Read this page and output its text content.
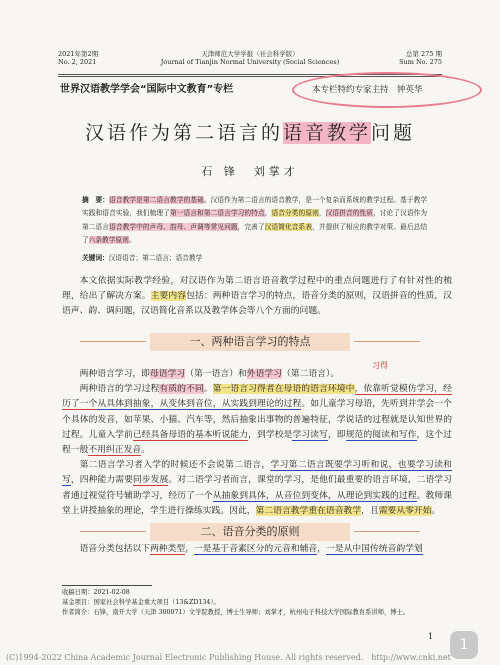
2021年第2期
No. 2, 2021
天津师范大学学报（社会科学版）
Journal of Tianjin Normal University (Social Sciences)
总第 275 期
Sum No. 275
世界汉语教学学会“国际中文教育”专栏	本专栏特约专家主持　钟英华
汉语作为第二语言的语音教学问题
石 锋　刘掌才
摘　要：语音教学是第二语言教学的基础。汉语作为第二语言的语音教学，是一个复杂而系统的教学过程。基于教学实践和语音实验，我们梳理了第一语言和第二语言学习的特点，语音分类的原则，汉语拼音的性质，讨论了汉语作为第二语言语音教学中的声母、韵母、声调等常见问题，完善了汉语简化音系表，并提供了相应的教学对策。最后总结了六条教学原则。
关键词：汉语语音；第二语言；语音教学

本文依据实际教学经验，对汉语作为第二语言语音教学过程中的重点问题进行了有针对性的梳理，给出了解决方案。主要内容包括：两种语言学习的特点，语音分类的原则，汉语拼音的性质，汉语声、韵、调问题，汉语简化音系以及教学体会等八个方面的问题。

一、两种语言学习的特点
习得

两种语言学习，即母语学习（第一语言）和外语学习（第二语言）。

两种语言的学习过程有质的不同。第一语言习得者在母语的语言环境中，依靠听觉模仿学习，经历了一个从具体到抽象，从变体到音位，从实践到理论的过程。如儿童学习母语，先听到并学会一个个具体的发音，如苹果、小猫、汽车等，然后抽象出事物的普遍特征，学说话的过程就是认知世界的过程。儿童入学前已经具备母语的基本听说能力，到学校是学习读写，即规范的阅读和写作，这个过程一般不用纠正发音。

第二语言学习者入学的时候还不会说第二语言，学习第二语言既要学习听和说，也要学习读和写，四种能力需要同步发展。对二语学习者而言，课堂的学习，是他们最重要的语言环境，二语学习者通过视觉符号辅助学习，经历了一个从抽象到具体，从音位到变体，从理论到实践的过程。教师课堂上讲授抽象的理论，学生进行操练实践。因此，第二语言教学重在语音教学，且需要从零开始。

二、语音分类的原则

语音分类包括以下两种类型，一是基于音素区分的元音和辅音，一是从中国传统音韵学划

收稿日期：2021-02-08
基金项目：国家社会科学基金重大项目（13&ZD134）。
作者简介：石锋，南开大学（天津 300071）文学院教授，博士生导师；刘掌才，杭州电子科技大学国际教育系讲师，博士。
1
(C)1994-2022 China Academic Journal Electronic Publishing House. All rights reserved.　http://www.cnki.net
1
